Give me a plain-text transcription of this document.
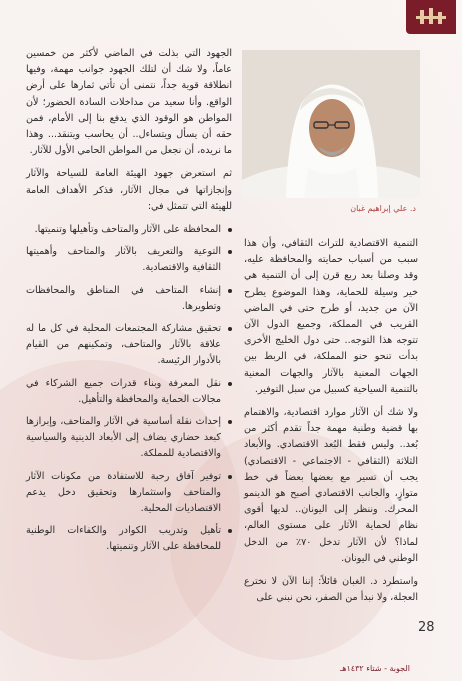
د. علي إبراهيم غبان

الجهود التي بذلت في الماضي لأكثر من خمسين عاماً، ولا شك أن لتلك الجهود جوانب مهمة، وفيها انطلاقة قوية جداً، نتمنى أن تأتي ثمارها على أرض الواقع. وأنا سعيد من مداخلات السادة الحضور؛ لأن المواطن هو الوقود الذي يدفع بنا إلى الأمام، فمن حقه أن يسأل ويتساءل.. أن يحاسب ويتنقد... وهذا ما نريده، أن نجعل من المواطن الحامي الأول للآثار.

ثم استعرض جهود الهيئة العامة للسياحة والآثار وإنجازاتها في مجال الآثار، فذكر الأهداف العامة للهيئة التي تتمثل في:

المحافظة على الآثار والمتاحف وتأهيلها وتنميتها.
التوعية والتعريف بالآثار والمتاحف وأهميتها الثقافية والاقتصادية.
إنشاء المتاحف في المناطق والمحافظات وتطويرها.
تحقيق مشاركة المجتمعات المحلية في كل ما له علاقة بالآثار والمتاحف، وتمكينهم من القيام بالأدوار الرئيسة.
نقل المعرفة وبناء قدرات جميع الشركاء في مجالات الحماية والمحافظة والتأهيل.
إحداث نقلة أساسية في الآثار والمتاحف، وإبرازها كبعد حضاري يضاف إلى الأبعاد الدينية والسياسية والاقتصادية للمملكة.
توفير آفاق رحبة للاستفادة من مكونات الآثار والمتاحف واستثمارها وتحقيق دخل يدعم الاقتصاديات المحلية.
تأهيل وتدريب الكوادر والكفاءات الوطنية للمحافظة على الآثار وتنميتها.

التنمية الاقتصادية للتراث الثقافي، وأن هذا سبب من أسباب حمايته والمحافظة عليه، وقد وصلنا بعد ربع قرن إلى أن التنمية هي خير وسيلة للحماية، وهذا الموضوع يطرح الآن من جديد، أو طرح حتى في الماضي القريب في المملكة، وجميع الدول الآن تتوجه هذا التوجه.. حتى دول الخليج الأخرى بدأت تنحو حنو المملكة، في الربط بين الجهات المعنية بالآثار والجهات المعنية بالتنمية السياحية كسبيل من سبل التوفير.

ولا شك أن الآثار موارد اقتصادية، والاهتمام بها قضية وطنية مهمة جداً تقدم أكثر من بُعد.. وليس فقط البُعد الاقتصادي. والأبعاد الثلاثة (الثقافي - الاجتماعي - الاقتصادي) يجب أن تسير مع بعضها بعضاً في خط متوازٍ، والجانب الاقتصادي أصبح هو الدينمو المحرك. وننظر إلى اليونان.. لديها أقوى نظام لحماية الآثار على مستوى العالم، لماذا؟ لأن الآثار تدخل ٧٠٪ من الدخل الوطني في اليونان.

واستطرد د. الغبان قائلاً: إننا الآن لا نخترع العجلة، ولا نبدأ من الصفر، نحن نبني على

28
الجوبة - شتاء ١٤٣٢هـ
